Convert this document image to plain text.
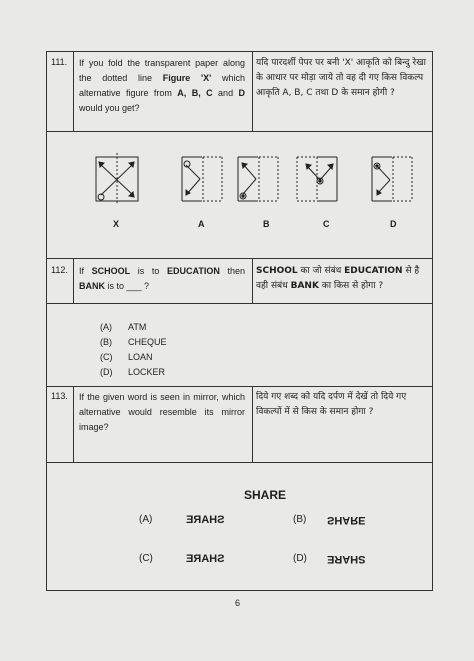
111. If you fold the transparent paper along the dotted line Figure 'X' which alternative figure from A, B, C and D would you get?
यदि पारदर्शी पेपर पर बनी 'X' आकृति को बिन्दु रेखा के आधार पर मोड़ा जाये तो वह दी गए किस विकल्प आकृति A, B, C तथा D के समान होगी ?
X	A	B	C	D
112. If SCHOOL is to EDUCATION then BANK is to ___ ?
SCHOOL का जो संबंध EDUCATION से है वही संबंध BANK का किस से होगा ?
(A) ATM
(B) CHEQUE
(C) LOAN
(D) LOCKER
113. If the given word is seen in mirror, which alternative would resemble its mirror image?
दिये गए शब्द को यदि दर्पण में देखें तो दिये गए विकल्पों में से किस के समान होगा ?
SHARE
(A)	SHARE	(B) SHARE
(C)	SHARE	(D) SHARE
6
